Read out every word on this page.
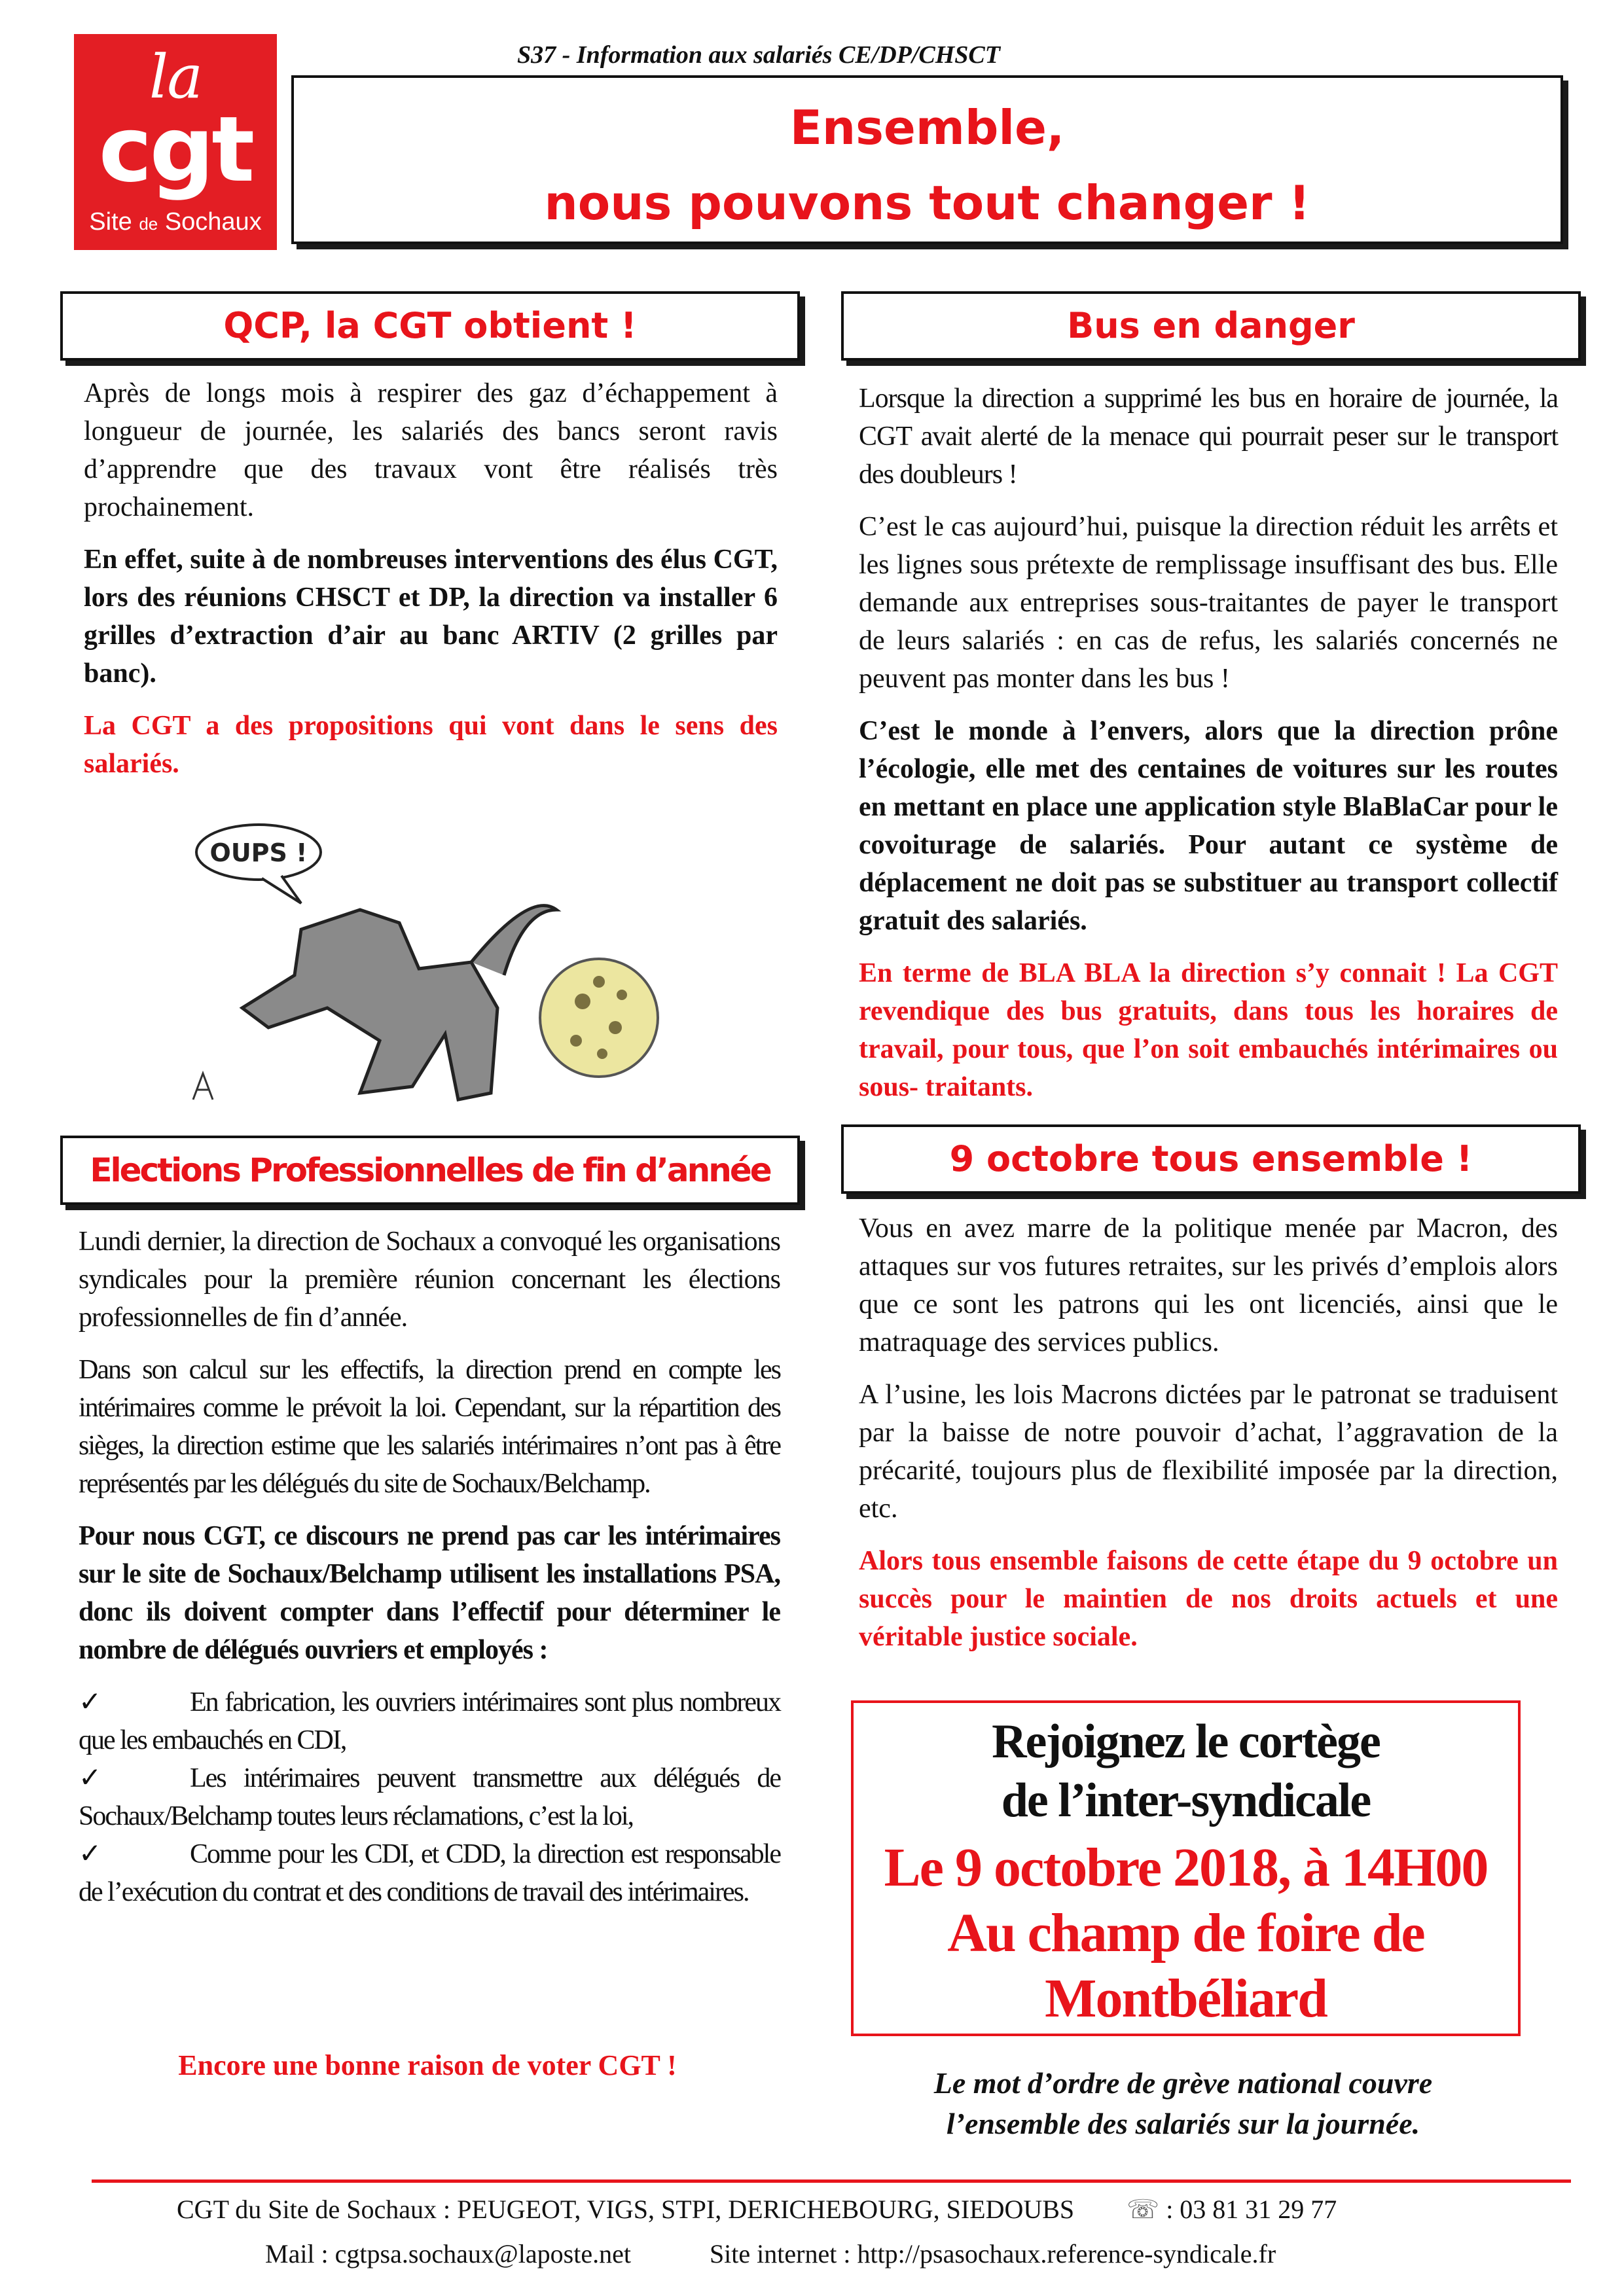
la
cgt
Site de Sochaux
S37 - Information aux salariés CE/DP/CHSCT
Ensemble,
nous pouvons tout changer !
QCP, la CGT obtient !

Après de longs mois à respirer des gaz d’échappement à longueur de journée, les salariés des bancs seront ravis d’apprendre que des travaux vont être réalisés très prochainement.

En effet, suite à de nombreuses interventions des élus CGT, lors des réunions CHSCT et DP, la direction va installer 6 grilles d’extraction d’air au banc ARTIV (2 grilles par banc).

La CGT a des propositions qui vont dans le sens des salariés.

OUPS !
Elections Professionnelles de fin d’année

Lundi dernier, la direction de Sochaux a convoqué les organisations syndicales pour la première réunion concernant les élections professionnelles de fin d’année.

Dans son calcul sur les effectifs, la direction prend en compte les intérimaires comme le prévoit la loi. Cependant, sur la répartition des sièges, la direction estime que les salariés intérimaires n’ont pas à être représentés par les délégués du site de Sochaux/Belchamp.

Pour nous CGT, ce discours ne prend pas car les intérimaires sur le site de Sochaux/Belchamp utilisent les installations PSA, donc ils doivent compter dans l’effectif pour déterminer le nombre de délégués ouvriers et employés :

✓	En fabrication, les ouvriers intérimaires sont plus nombreux que les embauchés en CDI,

✓	Les intérimaires peuvent transmettre aux délégués de Sochaux/Belchamp toutes leurs réclamations, c’est la loi,

✓	Comme pour les CDI, et CDD, la direction est responsable de l’exécution du contrat et des conditions de travail des intérimaires.

Encore une bonne raison de voter CGT !
Bus en danger

Lorsque la direction a supprimé les bus en horaire de journée, la CGT avait alerté de la menace qui pourrait peser sur le transport des doubleurs !

C’est le cas aujourd’hui, puisque la direction réduit les arrêts et les lignes sous prétexte de remplissage insuffisant des bus. Elle demande aux entreprises sous-traitantes de payer le transport de leurs salariés : en cas de refus, les salariés concernés ne peuvent pas monter dans les bus !

C’est le monde à l’envers, alors que la direction prône l’écologie, elle met des centaines de voitures sur les routes en mettant en place une application style BlaBlaCar pour le covoiturage de salariés. Pour autant ce système de déplacement ne doit pas se substituer au transport collectif gratuit des salariés.

En terme de BLA BLA la direction s’y connait ! La CGT revendique des bus gratuits, dans tous les horaires de travail, pour tous, que l’on soit embauchés intérimaires ou sous- traitants.

9 octobre tous ensemble !

Vous en avez marre de la politique menée par Macron, des attaques sur vos futures retraites, sur les privés d’emplois alors que ce sont les patrons qui les ont licenciés, ainsi que le matraquage des services publics.

A l’usine, les lois Macrons dictées par le patronat se traduisent par la baisse de notre pouvoir d’achat, l’aggravation de la précarité, toujours plus de flexibilité imposée par la direction, etc.

Alors tous ensemble faisons de cette étape du 9 octobre un succès pour le maintien de nos droits actuels et une véritable justice sociale.

Rejoignez le cortège
de l’inter-syndicale
Le 9 octobre 2018, à 14H00
Au champ de foire de
Montbéliard
Le mot d’ordre de grève national couvre
l’ensemble des salariés sur la journée.
CGT du Site de Sochaux : PEUGEOT, VIGS, STPI, DERICHEBOURG, SIEDOUBS ☏ : 03 81 31 29 77
Mail : cgtpsa.sochaux@laposte.net	Site internet : http://psasochaux.reference-syndicale.fr
